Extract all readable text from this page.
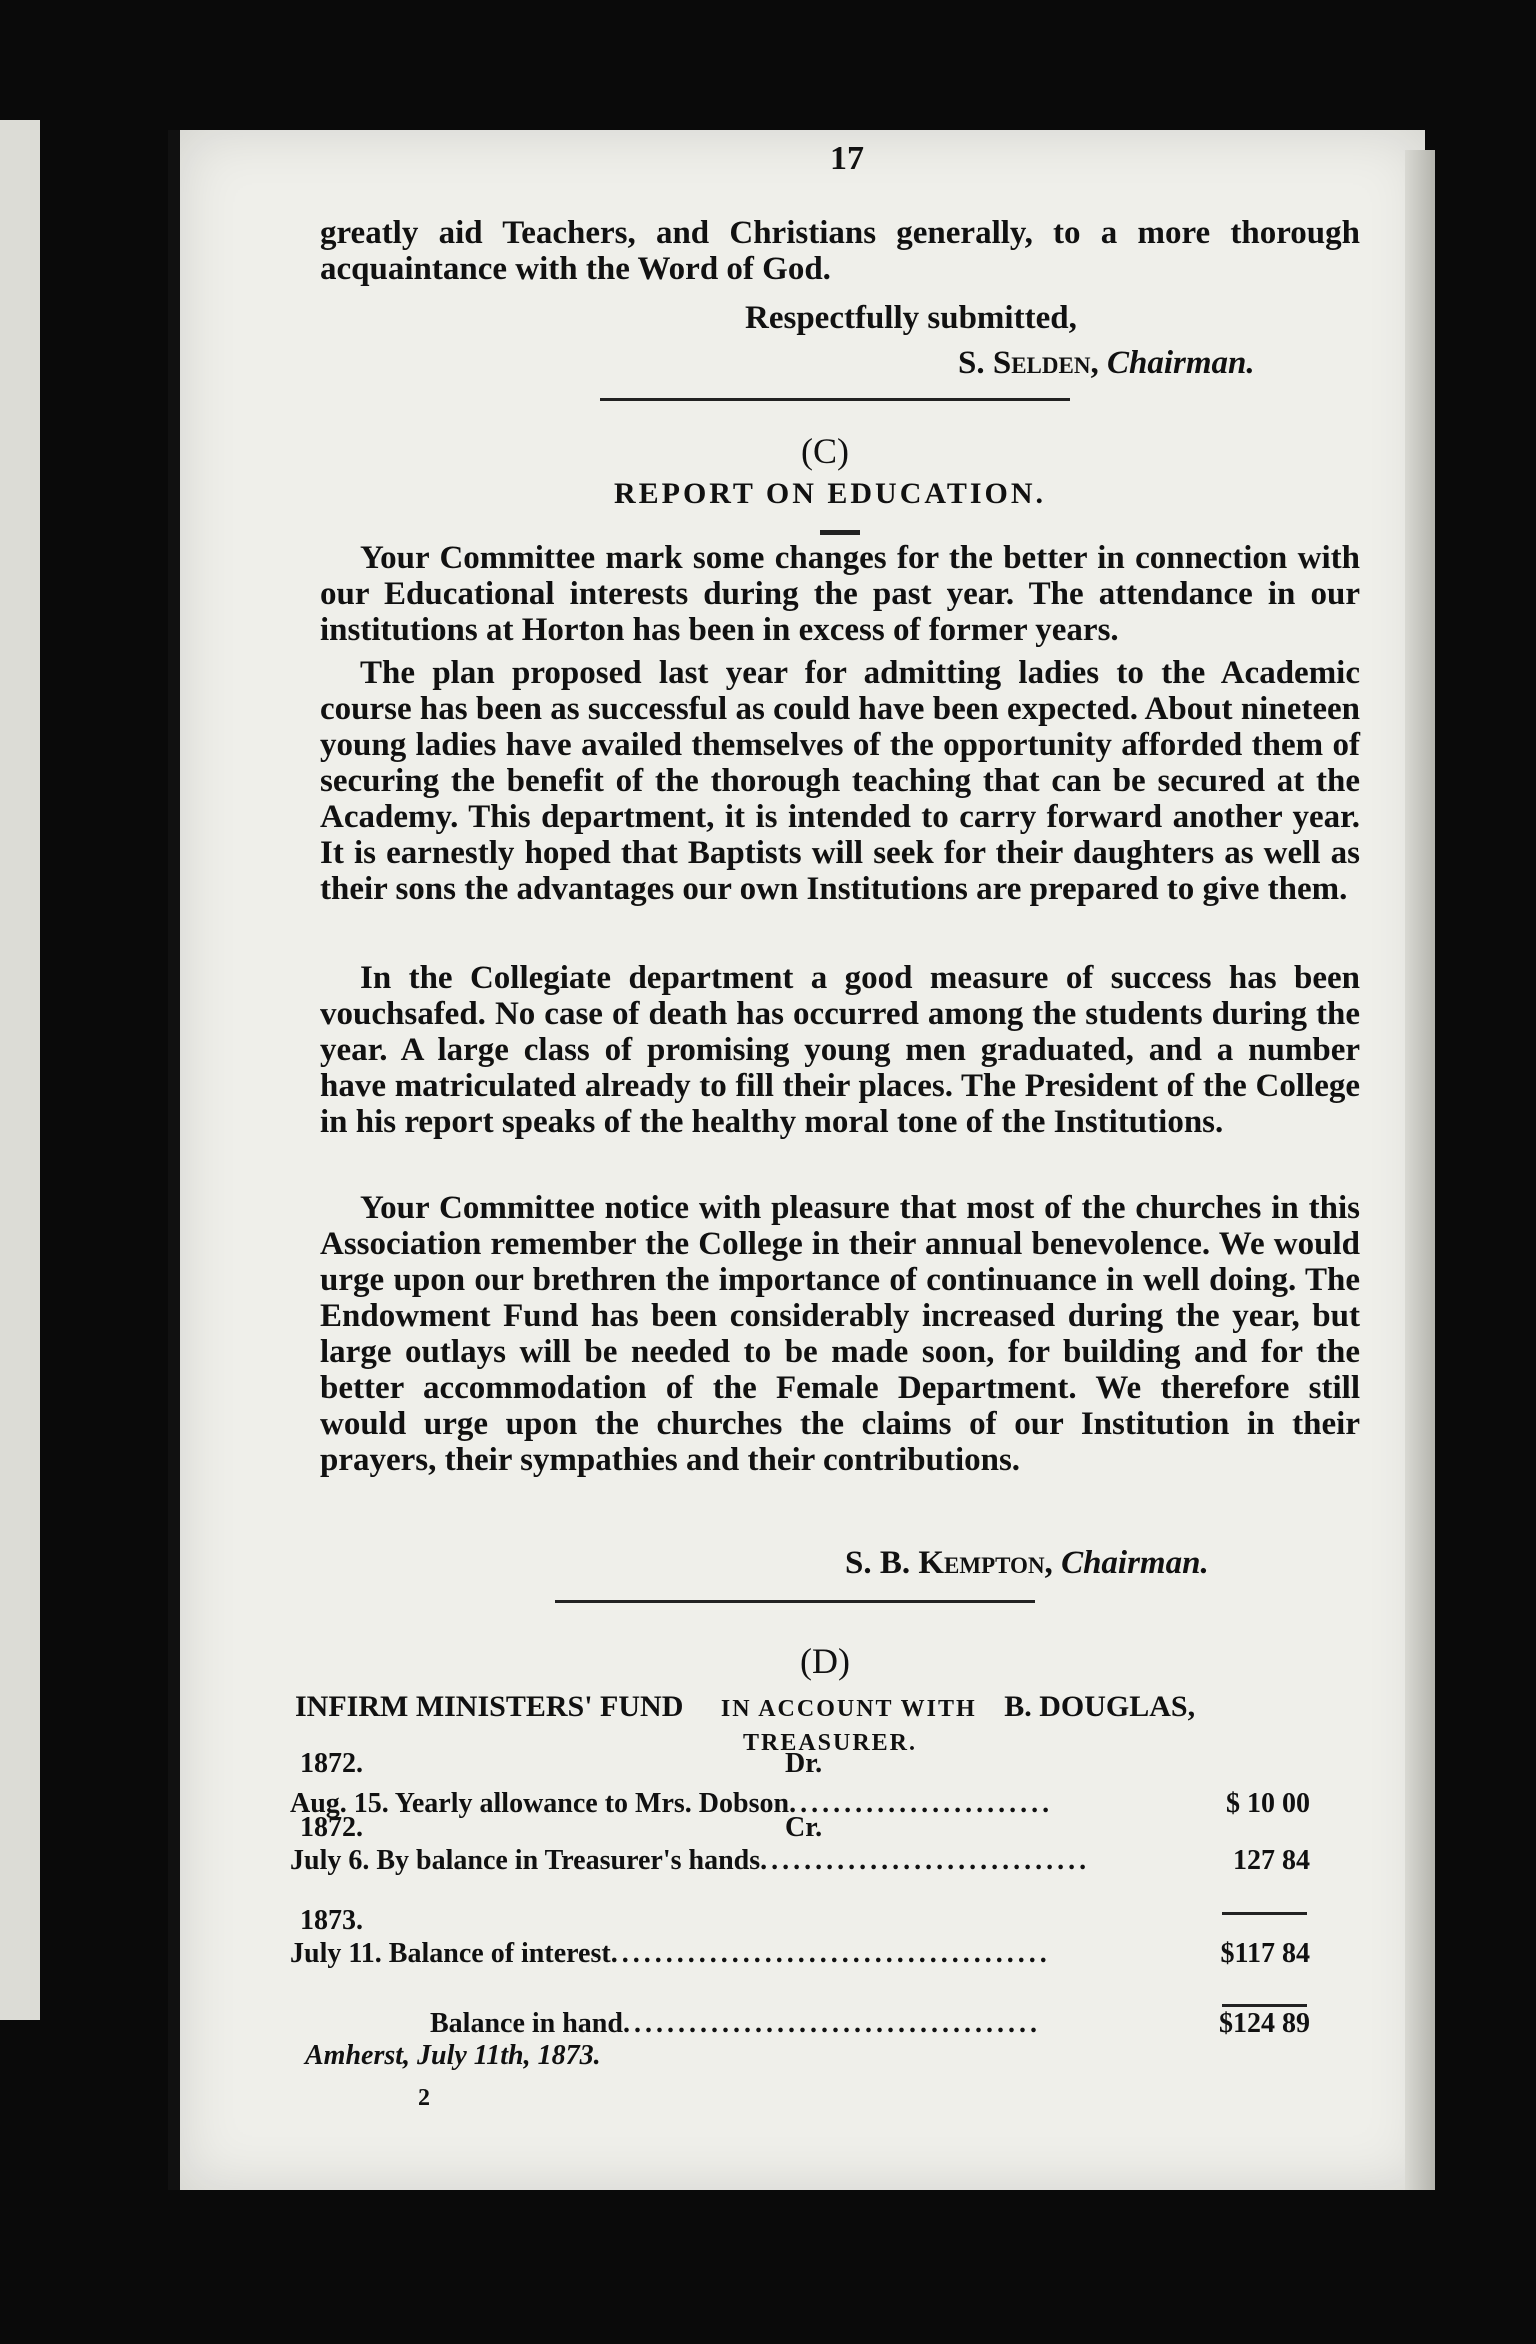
17

greatly aid Teachers, and Christians generally, to a more thorough acquaintance with the Word of God.

Respectfully submitted,
S. Selden, Chairman.
(C)
REPORT ON EDUCATION.

Your Committee mark some changes for the better in connection with our Educational interests during the past year. The attendance in our institutions at Horton has been in excess of former years.

The plan proposed last year for admitting ladies to the Academic course has been as successful as could have been expected. About nineteen young ladies have availed themselves of the opportunity afforded them of securing the benefit of the thorough teaching that can be secured at the Academy. This department, it is intended to carry forward another year. It is earnestly hoped that Baptists will seek for their daughters as well as their sons the advantages our own Institutions are prepared to give them.

In the Collegiate department a good measure of success has been vouchsafed. No case of death has occurred among the students during the year. A large class of promising young men graduated, and a number have matriculated already to fill their places. The President of the College in his report speaks of the healthy moral tone of the Institutions.

Your Committee notice with pleasure that most of the churches in this Association remember the College in their annual benevolence. We would urge upon our brethren the importance of continuance in well doing. The Endowment Fund has been considerably increased during the year, but large outlays will be needed to be made soon, for building and for the better accommodation of the Female Department. We therefore still would urge upon the churches the claims of our Institution in their prayers, their sympathies and their contributions.

S. B. Kempton, Chairman.
(D)
INFIRM MINISTERS' FUND IN ACCOUNT WITH B. DOUGLAS,
TREASURER.
1872.	Dr.
Aug. 15. Yearly allowance to Mrs. Dobson........................	$ 10 00
1872.	Cr.
July 6. By balance in Treasurer's hands..............................	127 84
1873.
July 11. Balance of interest........................................	$117 84
Balance in hand......................................	$124 89
Amherst, July 11th, 1873.
2
